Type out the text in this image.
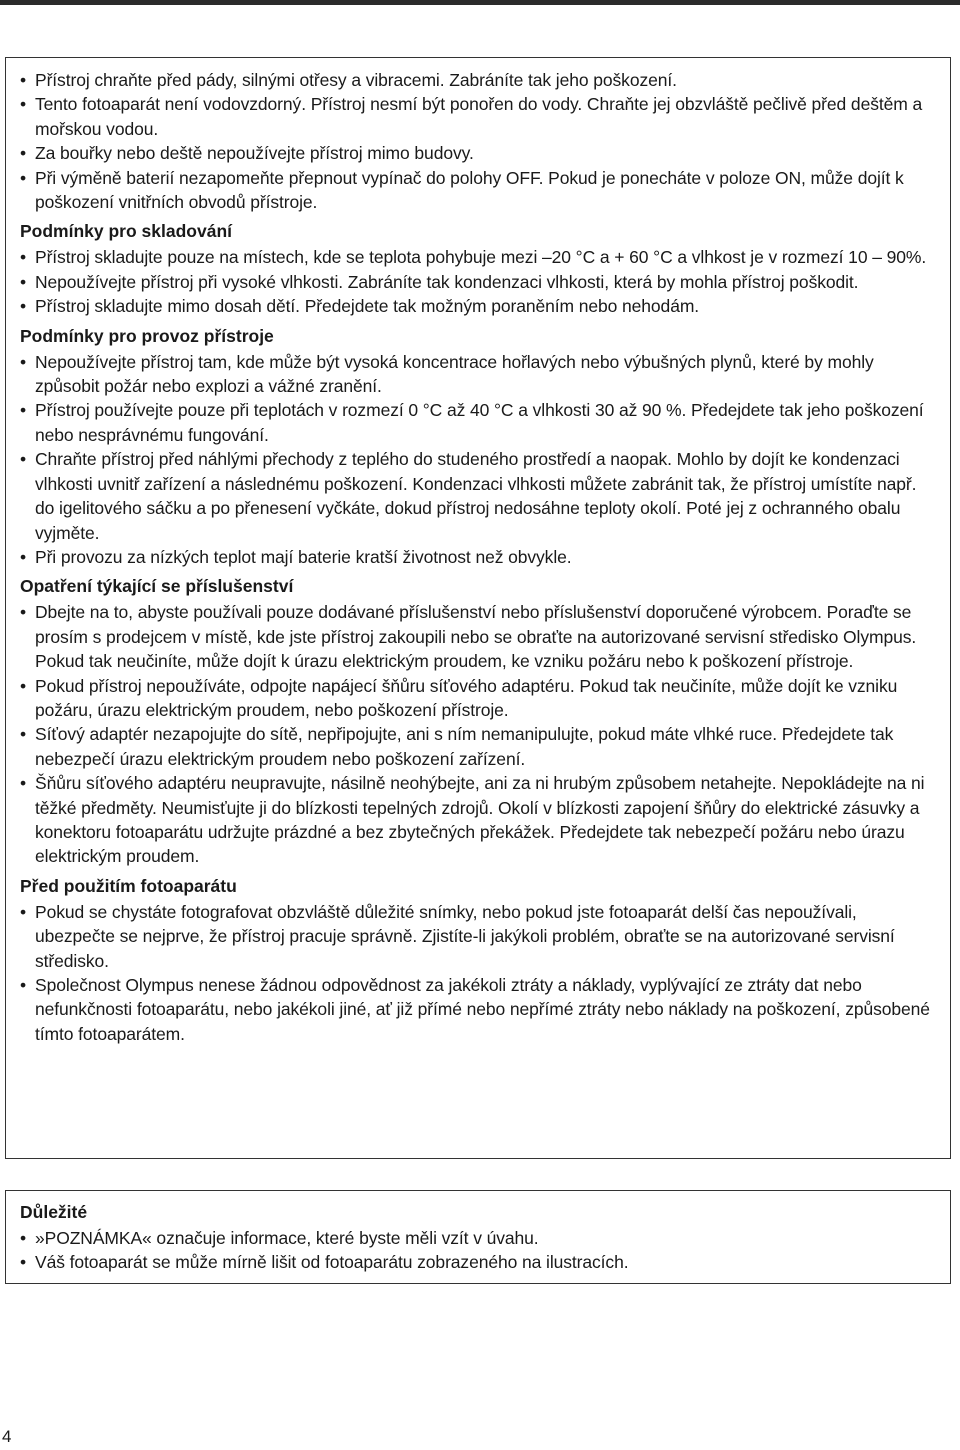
• Přístroj chraňte před pády, silnými otřesy a vibracemi. Zabráníte tak jeho poškození.
• Tento fotoaparát není vodovzdorný. Přístroj nesmí být ponořen do vody. Chraňte jej obzvláště pečlivě před deštěm a mořskou vodou.
• Za bouřky nebo deště nepoužívejte přístroj mimo budovy.
• Při výměně baterií nezapomeňte přepnout vypínač do polohy OFF. Pokud je ponecháte v poloze ON, může dojít k poškození vnitřních obvodů přístroje.
Podmínky pro skladování
• Přístroj skladujte pouze na místech, kde se teplota pohybuje mezi –20 °C a + 60 °C a vlhkost je v rozmezí 10 – 90%.
• Nepoužívejte přístroj při vysoké vlhkosti. Zabráníte tak kondenzaci vlhkosti, která by mohla přístroj poškodit.
• Přístroj skladujte mimo dosah dětí. Předejdete tak možným poraněním nebo nehodám.
Podmínky pro provoz přístroje
• Nepoužívejte přístroj tam, kde může být vysoká koncentrace hořlavých nebo výbušných plynů, které by mohly způsobit požár nebo explozi a vážné zranění.
• Přístroj používejte pouze při teplotách v rozmezí 0 °C až 40 °C a vlhkosti 30 až 90 %. Předejdete tak jeho poškození nebo nesprávnému fungování.
• Chraňte přístroj před náhlými přechody z teplého do studeného prostředí a naopak. Mohlo by dojít ke kondenzaci vlhkosti uvnitř zařízení a následnému poškození. Kondenzaci vlhkosti můžete zabránit tak, že přístroj umístíte např. do igelitového sáčku a po přenesení vyčkáte, dokud přístroj nedosáhne teploty okolí. Poté jej z ochranného obalu vyjměte.
• Při provozu za nízkých teplot mají baterie kratší životnost než obvykle.
Opatření týkající se příslušenství
• Dbejte na to, abyste používali pouze dodávané příslušenství nebo příslušenství doporučené výrobcem. Poraďte se prosím s prodejcem v místě, kde jste přístroj zakoupili nebo se obraťte na autorizované servisní středisko Olympus. Pokud tak neučiníte, může dojít k úrazu elektrickým proudem, ke vzniku požáru nebo k poškození přístroje.
• Pokud přístroj nepoužíváte, odpojte napájecí šňůru síťového adaptéru. Pokud tak neučiníte, může dojít ke vzniku požáru, úrazu elektrickým proudem, nebo poškození přístroje.
• Síťový adaptér nezapojujte do sítě, nepřipojujte, ani s ním nemanipulujte, pokud máte vlhké ruce. Předejdete tak nebezpečí úrazu elektrickým proudem nebo poškození zařízení.
• Šňůru síťového adaptéru neupravujte, násilně neohýbejte, ani za ni hrubým způsobem netahejte. Nepokládejte na ni těžké předměty. Neumisťujte ji do blízkosti tepelných zdrojů. Okolí v blízkosti zapojení šňůry do elektrické zásuvky a konektoru fotoaparátu udržujte prázdné a bez zbytečných překážek. Předejdete tak nebezpečí požáru nebo úrazu elektrickým proudem.
Před použitím fotoaparátu
• Pokud se chystáte fotografovat obzvláště důležité snímky, nebo pokud jste fotoaparát delší čas nepoužívali, ubezpečte se nejprve, že přístroj pracuje správně. Zjistíte-li jakýkoli problém, obraťte se na autorizované servisní středisko.
• Společnost Olympus nenese žádnou odpovědnost za jakékoli ztráty a náklady, vyplývající ze ztráty dat nebo nefunkčnosti fotoaparátu, nebo jakékoli jiné, ať již přímé nebo nepřímé ztráty nebo náklady na poškození, způsobené tímto fotoaparátem.
Důležité
• »POZNÁMKA« označuje informace, které byste měli vzít v úvahu.
• Váš fotoaparát se může mírně lišit od fotoaparátu zobrazeného na ilustracích.
4
